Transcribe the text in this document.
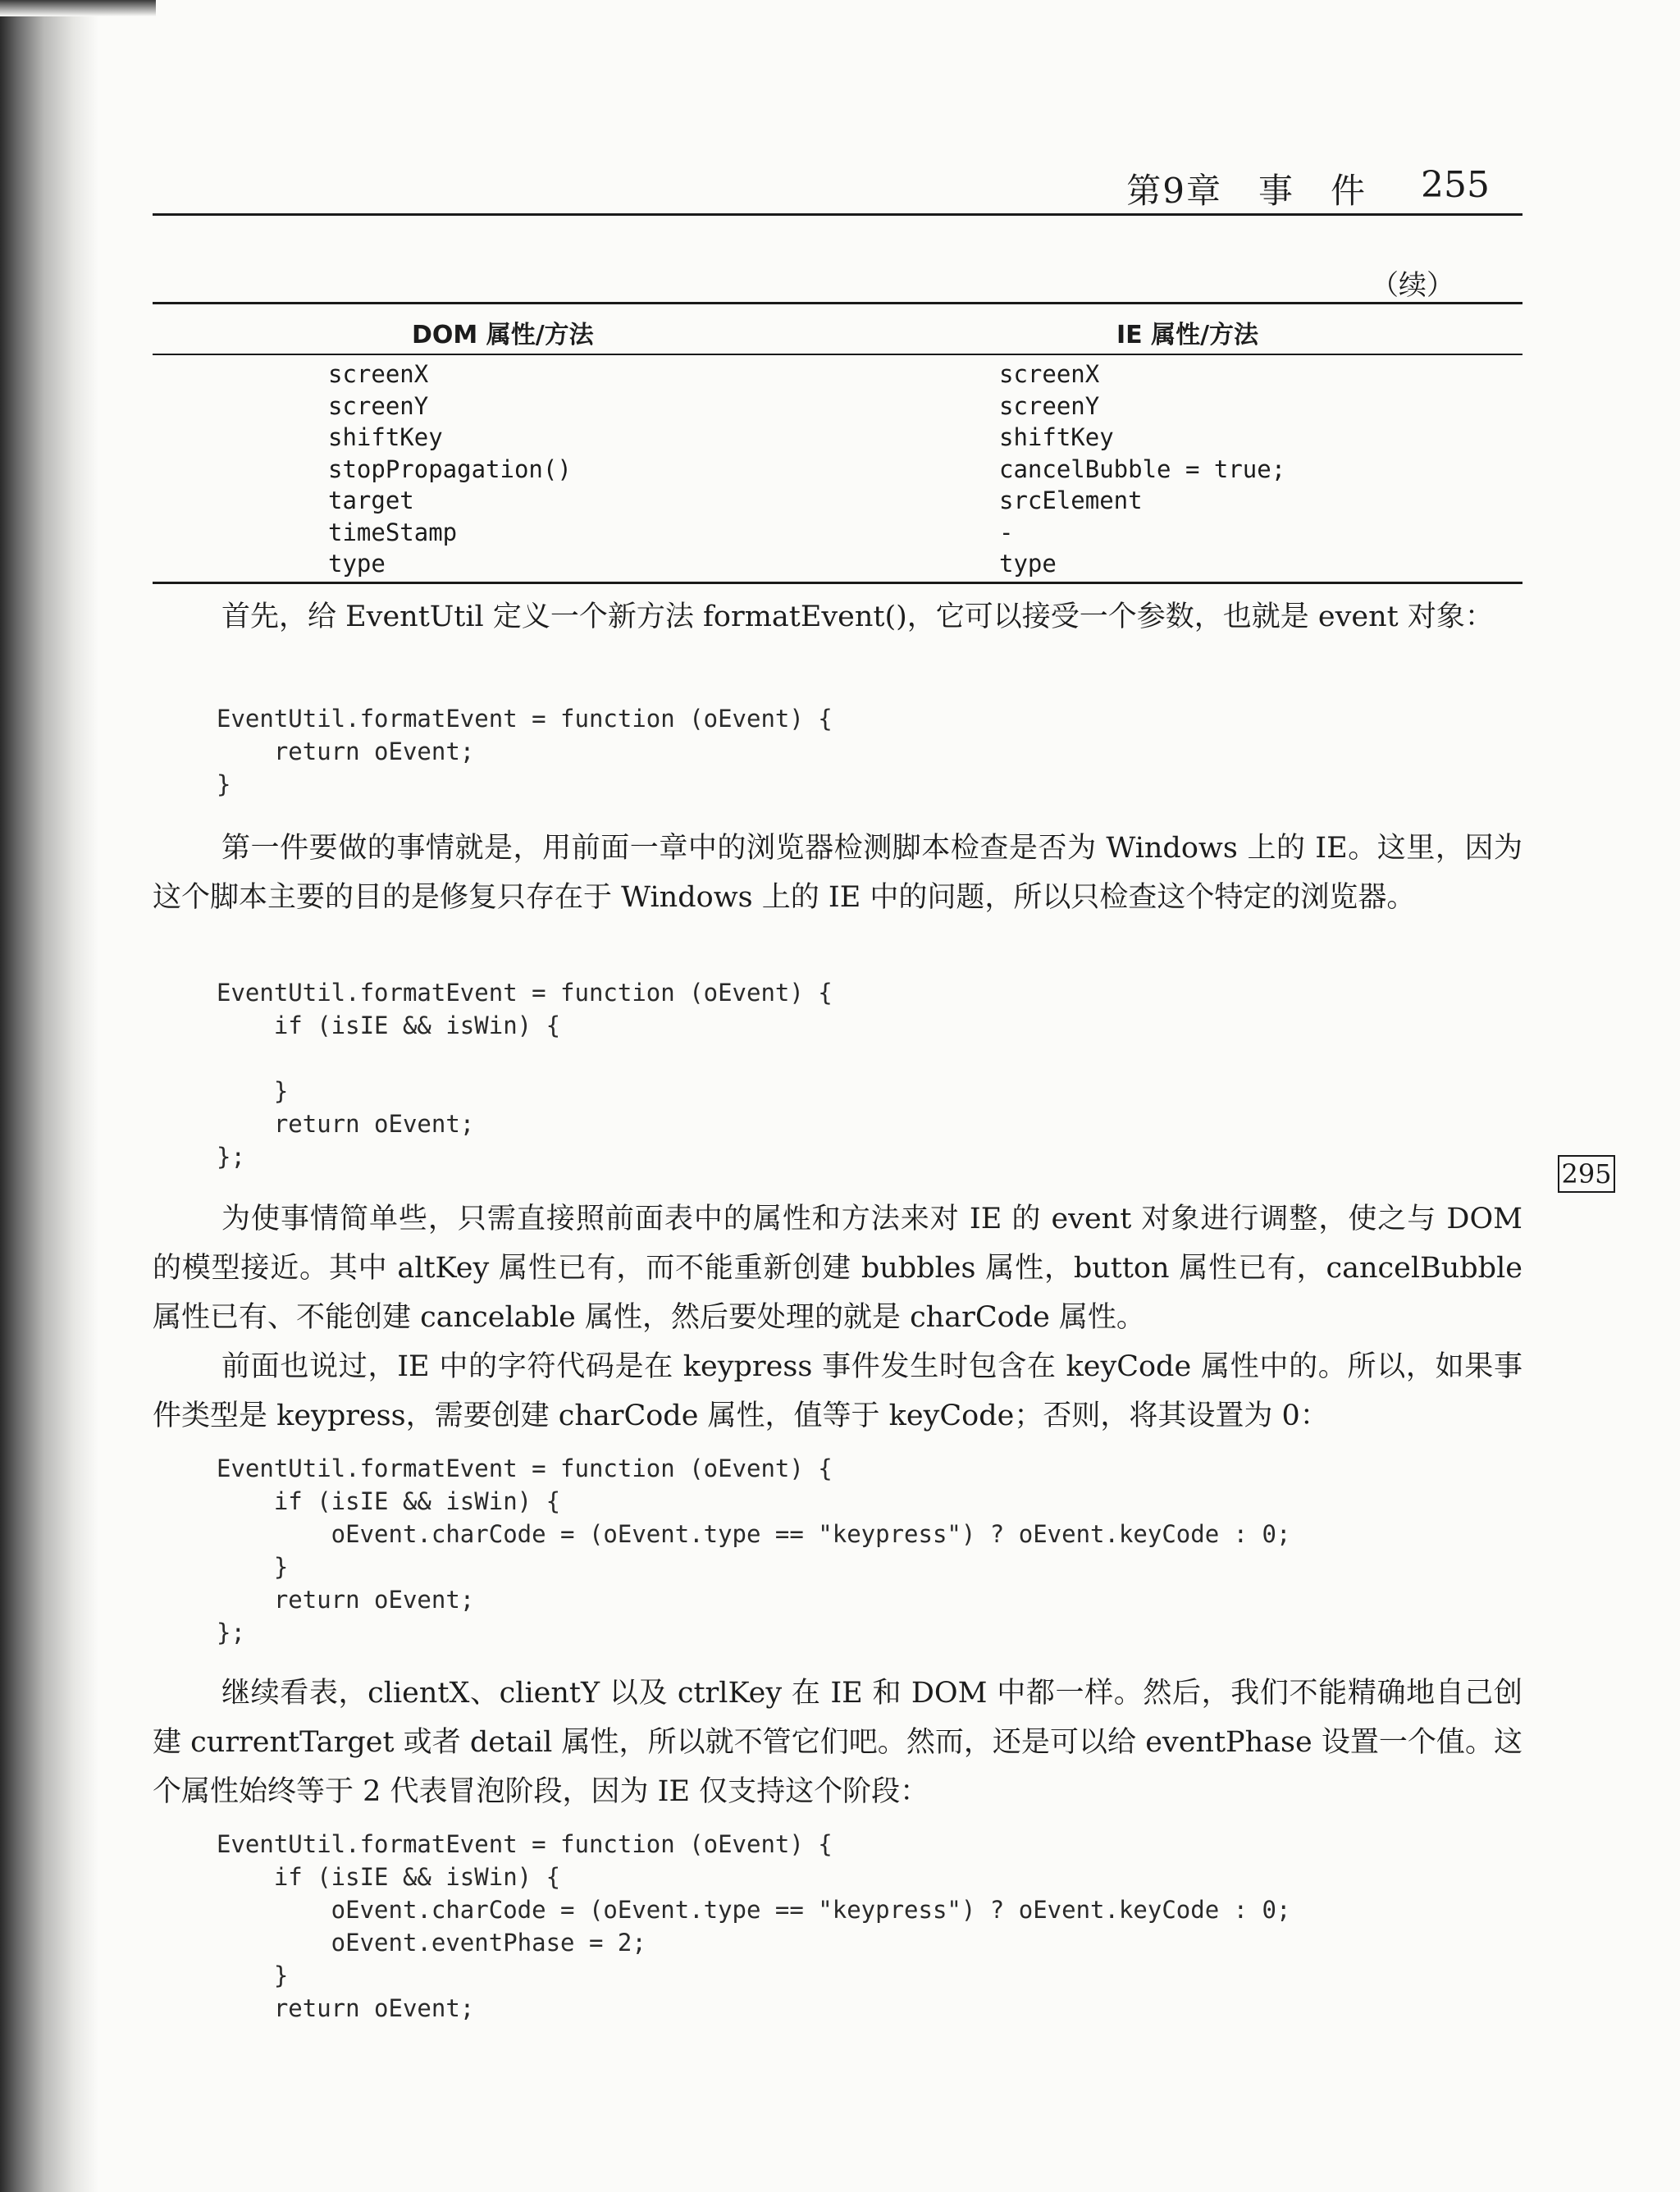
第9章　事　件 255
（续）
DOM 属性/方法	IE 属性/方法
screenX	screenX
screenY	screenY
shiftKey	shiftKey
stopPropagation()	cancelBubble = true;
target	srcElement
timeStamp	-
type	type

首先，给 EventUtil 定义一个新方法 formatEvent()，它可以接受一个参数，也就是 event 对象：

EventUtil.formatEvent = function (oEvent) {
return oEvent;
}

第一件要做的事情就是，用前面一章中的浏览器检测脚本检查是否为 Windows 上的 IE。这里，因为这个脚本主要的目的是修复只存在于 Windows 上的 IE 中的问题，所以只检查这个特定的浏览器。

EventUtil.formatEvent = function (oEvent) {
if (isIE && isWin) {

}
return oEvent;
};
295

为使事情简单些，只需直接照前面表中的属性和方法来对 IE 的 event 对象进行调整，使之与 DOM 的模型接近。其中 altKey 属性已有，而不能重新创建 bubbles 属性，button 属性已有，cancelBubble 属性已有、不能创建 cancelable 属性，然后要处理的就是 charCode 属性。

前面也说过，IE 中的字符代码是在 keypress 事件发生时包含在 keyCode 属性中的。所以，如果事件类型是 keypress，需要创建 charCode 属性，值等于 keyCode；否则，将其设置为 0：

EventUtil.formatEvent = function (oEvent) {
if (isIE && isWin) {
oEvent.charCode = (oEvent.type == "keypress") ? oEvent.keyCode : 0;
}
return oEvent;
};

继续看表，clientX、clientY 以及 ctrlKey 在 IE 和 DOM 中都一样。然后，我们不能精确地自己创建 currentTarget 或者 detail 属性，所以就不管它们吧。然而，还是可以给 eventPhase 设置一个值。这个属性始终等于 2 代表冒泡阶段，因为 IE 仅支持这个阶段：

EventUtil.formatEvent = function (oEvent) {
if (isIE && isWin) {
oEvent.charCode = (oEvent.type == "keypress") ? oEvent.keyCode : 0;
oEvent.eventPhase = 2;
}
return oEvent;
